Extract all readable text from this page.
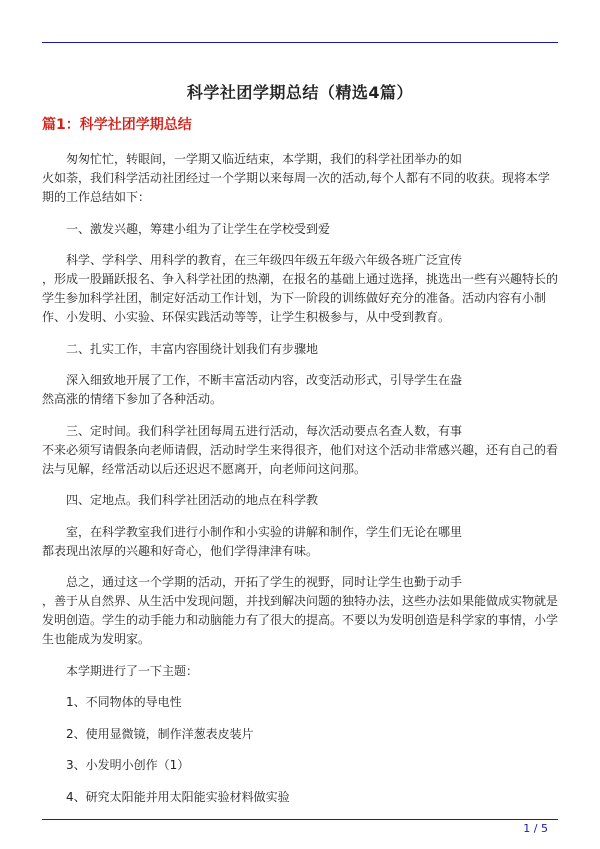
科学社团学期总结（精选4篇）
篇1：科学社团学期总结

匆匆忙忙，转眼间，一学期又临近结束，本学期，我们的科学社团举办的如
火如荼，我们科学活动社团经过一个学期以来每周一次的活动,每个人都有不同的收获。现将本学期的工作总结如下：

一、激发兴趣，筹建小组为了让学生在学校受到爱

科学、学科学、用科学的教育，在三年级四年级五年级六年级各班广泛宣传
，形成一股踊跃报名、争入科学社团的热潮，在报名的基础上通过选择，挑选出一些有兴趣特长的学生参加科学社团，制定好活动工作计划，为下一阶段的训练做好充分的准备。活动内容有小制作、小发明、小实验、环保实践活动等等，让学生积极参与，从中受到教育。

二、扎实工作，丰富内容围绕计划我们有步骤地

深入细致地开展了工作，不断丰富活动内容，改变活动形式，引导学生在盎
然高涨的情绪下参加了各种活动。

三、定时间。我们科学社团每周五进行活动，每次活动要点名查人数，有事
不来必须写请假条向老师请假，活动时学生来得很齐，他们对这个活动非常感兴趣，还有自己的看法与见解，经常活动以后还迟迟不愿离开，向老师问这问那。

四、定地点。我们科学社团活动的地点在科学教

室，在科学教室我们进行小制作和小实验的讲解和制作，学生们无论在哪里
都表现出浓厚的兴趣和好奇心，他们学得津津有味。

总之，通过这一个学期的活动，开拓了学生的视野，同时让学生也勤于动手
，善于从自然界、从生活中发现问题，并找到解决问题的独特办法，这些办法如果能做成实物就是发明创造。学生的动手能力和动脑能力有了很大的提高。不要以为发明创造是科学家的事情，小学生也能成为发明家。

本学期进行了一下主题：

1、不同物体的导电性

2、使用显微镜，制作洋葱表皮装片

3、小发明小创作（1）

4、研究太阳能并用太阳能实验材料做实验

1 / 5
